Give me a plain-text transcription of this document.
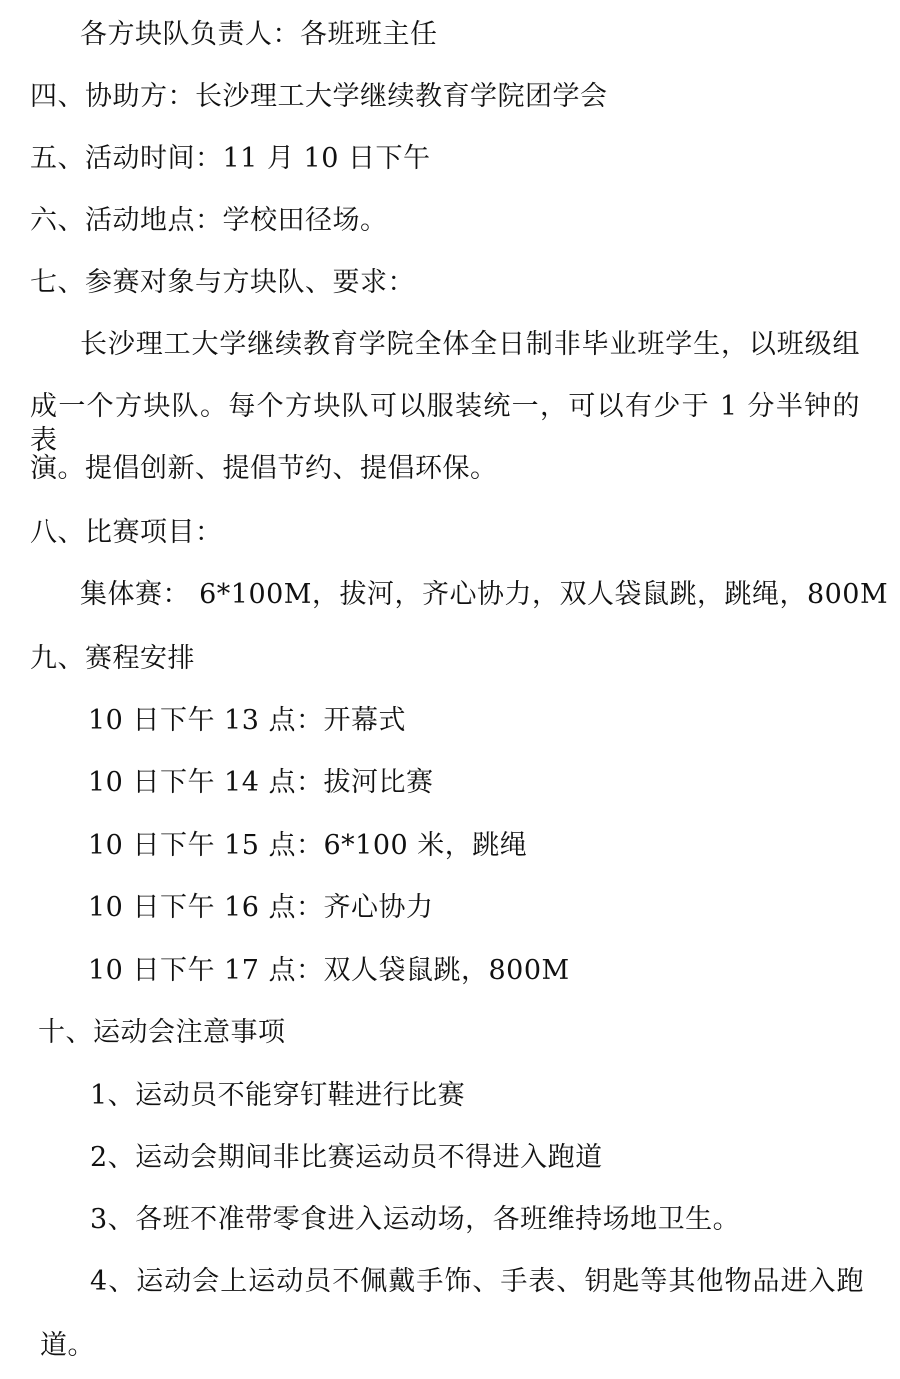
各方块队负责人：各班班主任
四、协助方：长沙理工大学继续教育学院团学会
五、活动时间：11 月 10 日下午
六、活动地点：学校田径场。
七、参赛对象与方块队、要求：
长沙理工大学继续教育学院全体全日制非毕业班学生，以班级组
成一个方块队。每个方块队可以服装统一，可以有少于 1 分半钟的表
演。提倡创新、提倡节约、提倡环保。
八、比赛项目：
集体赛： 6*100M，拔河，齐心协力，双人袋鼠跳，跳绳，800M
九、赛程安排
10 日下午 13 点：开幕式
10 日下午 14 点：拔河比赛
10 日下午 15 点：6*100 米，跳绳
10 日下午 16 点：齐心协力
10 日下午 17 点：双人袋鼠跳，800M
十、运动会注意事项
1、运动员不能穿钉鞋进行比赛
2、运动会期间非比赛运动员不得进入跑道
3、各班不准带零食进入运动场，各班维持场地卫生。
4、运动会上运动员不佩戴手饰、手表、钥匙等其他物品进入跑
道。
